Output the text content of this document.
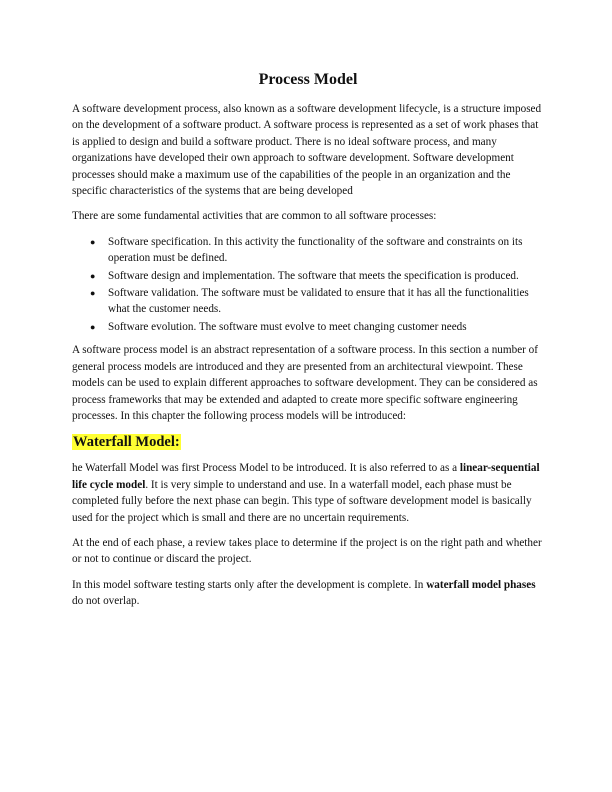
Process Model

A software development process, also known as a software development lifecycle, is a structure imposed on the development of a software product. A software process is represented as a set of work phases that is applied to design and build a software product. There is no ideal software process, and many organizations have developed their own approach to software development. Software development processes should make a maximum use of the capabilities of the people in an organization and the specific characteristics of the systems that are being developed

There are some fundamental activities that are common to all software processes:

● Software specification. In this activity the functionality of the software and constraints on its operation must be defined.
● Software design and implementation. The software that meets the specification is produced.
● Software validation. The software must be validated to ensure that it has all the functionalities what the customer needs.
● Software evolution. The software must evolve to meet changing customer needs

A software process model is an abstract representation of a software process. In this section a number of general process models are introduced and they are presented from an architectural viewpoint. These models can be used to explain different approaches to software development. They can be considered as process frameworks that may be extended and adapted to create more specific software engineering processes. In this chapter the following process models will be introduced:

Waterfall Model:

he Waterfall Model was first Process Model to be introduced. It is also referred to as a linear-sequential life cycle model. It is very simple to understand and use. In a waterfall model, each phase must be completed fully before the next phase can begin. This type of software development model is basically used for the project which is small and there are no uncertain requirements.

At the end of each phase, a review takes place to determine if the project is on the right path and whether or not to continue or discard the project.

In this model software testing starts only after the development is complete. In waterfall model phases do not overlap.
